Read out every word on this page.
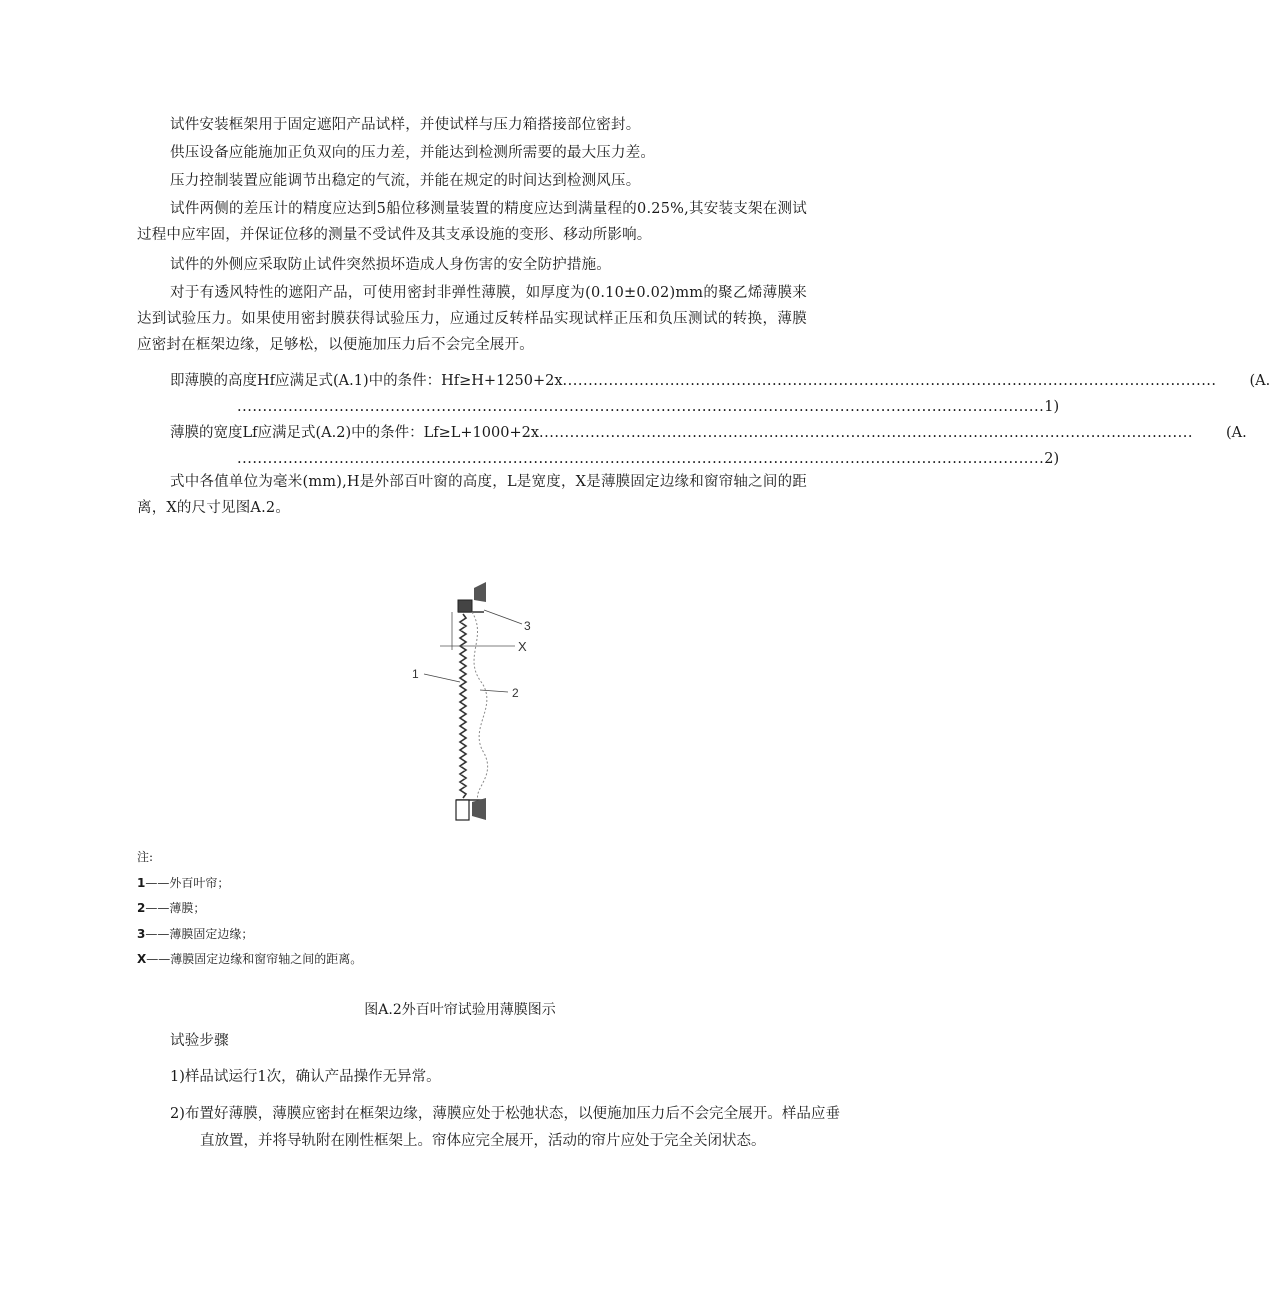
试件安装框架用于固定遮阳产品试样，并使试样与压力箱搭接部位密封。

供压设备应能施加正负双向的压力差，并能达到检测所需要的最大压力差。

压力控制装置应能调节出稳定的气流，并能在规定的时间达到检测风压。

试件两侧的差压计的精度应达到5船位移测量装置的精度应达到满量程的0.25%,其安装支架在测试过程中应牢固，并保证位移的测量不受试件及其支承设施的变形、移动所影响。

试件的外侧应采取防止试件突然损坏造成人身伤害的安全防护措施。

对于有透风特性的遮阳产品，可使用密封非弹性薄膜，如厚度为(0.10±0.02)mm的聚乙烯薄膜来达到试验压力。如果使用密封膜获得试验压力，应通过反转样品实现试样正压和负压测试的转换，薄膜应密封在框架边缘，足够松，以便施加压力后不会完全展开。

即薄膜的高度Hf应满足式(A.1)中的条件：Hf≥H+1250+2x ................................................................................................................................	(A.
.............................................................................................................................................................. 1)
薄膜的宽度Lf应满足式(A.2)中的条件：Lf≥L+1000+2x ................................................................................................................................	(A.
.............................................................................................................................................................. 2)

式中各值单位为毫米(mm),H是外部百叶窗的高度，L是宽度，X是薄膜固定边缘和窗帘轴之间的距离，X的尺寸见图A.2。

X
1
2
3
注:
1——外百叶帘；
2——薄膜；
3——薄膜固定边缘；
X——薄膜固定边缘和窗帘轴之间的距离。
图A.2外百叶帘试验用薄膜图示

试验步骤

1)样品试运行1次，确认产品操作无异常。

2)布置好薄膜，薄膜应密封在框架边缘，薄膜应处于松弛状态，以便施加压力后不会完全展开。样品应垂直放置，并将导轨附在刚性框架上。帘体应完全展开，活动的帘片应处于完全关闭状态。
